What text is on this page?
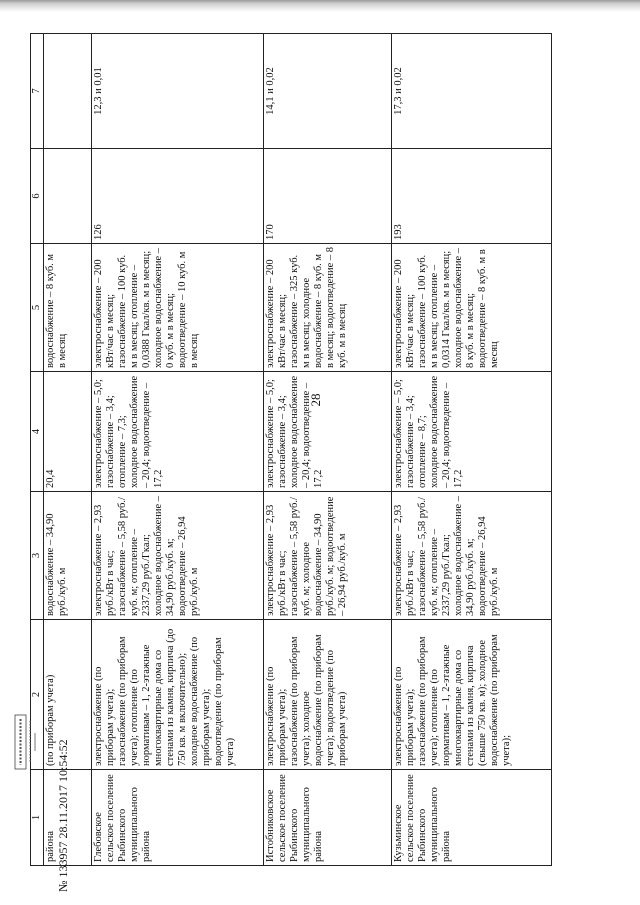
28
1	2	3	4	5	6	7
района	(по приборам учета)	водоснабжение – 34,90 руб./куб. м	20,4	водоснабжение – 8 куб. м в месяц		
Глебовское сельское поселение Рыбинского муниципального района	электроснабжение (по приборам учета); газоснабжение (по приборам учета); отопление (по нормативам – 1, 2-этажные многоквартирные дома со стенами из камня, кирпича (до 750 кв. м включительно); холодное водоснабжение (по приборам учета); водоотведение (по приборам учета)	электроснабжение – 2,93 руб./кВт в час; газоснабжение – 5,58 руб./куб. м; отопление – 2337,29 руб./Гкал; холодное водоснабжение – 34,90 руб./куб. м; водоотведение – 26,94 руб./куб. м	электроснабжение – 5,0; газоснабжение – 3,4; отопление – 7,3; холодное водоснабжение – 20,4; водоотведение –17,2	электроснабжение – 200 кВт/час в месяц; газоснабжение – 100 куб. м в месяц; отопление – 0,0388 Гкал/кв. м в месяц; холодное водоснабжение – 0 куб. м в месяц; водоотведение – 10 куб. м в месяц	126	12,3 и 0,01
Истобниковское сельское поселение Рыбинского муниципального района	электроснабжение (по приборам учета); газоснабжение (по приборам учета); холодное водоснабжение (по приборам учета); водоотведение (по приборам учета)	электроснабжение – 2,93 руб./кВт в час; газоснабжение – 5,58 руб./куб. м; холодное водоснабжение – 34,90 руб./куб. м; водоотведение – 26,94 руб./куб. м	электроснабжение – 5,0; газоснабжение – 3,4; холодное водоснабжение – 20,4; водоотведение – 17,2	электроснабжение – 200 кВт/час в месяц; газоснабжение – 325 куб. м в месяц; холодное водоснабжение – 8 куб. м в месяц; водоотведение – 8 куб. м в месяц	170	14,1 и 0,02
Кузьминское сельское поселение Рыбинского муниципального района	электроснабжение (по приборам учета); газоснабжение (по приборам учета); отопление (по нормативам – 1, 2-этажные многоквартирные дома со стенами из камня, кирпича (свыше 750 кв. м); холодное водоснабжение (по приборам учета);	электроснабжение – 2,93 руб./кВт в час; газоснабжение – 5,58 руб./куб. м; отопление – 2337,29 руб./Гкал; холодное водоснабжение – 34,90 руб./куб. м; водоотведение – 26,94 руб./куб. м	электроснабжение – 5,0; газоснабжение – 3,4; отопление – 8,7; холодное водоснабжение – 20,4; водоотведение – 17,2	электроснабжение – 200 кВт/час в месяц; газоснабжение – 100 куб. м в месяц; отопление – 0,0314 Гкал/кв. м в месяц; холодное водоснабжение – 8 куб. м в месяц; водоотведение – 8 куб. м в месяц	193	17,3 и 0,02
№ 133957 28.11.2017 10:54:52
